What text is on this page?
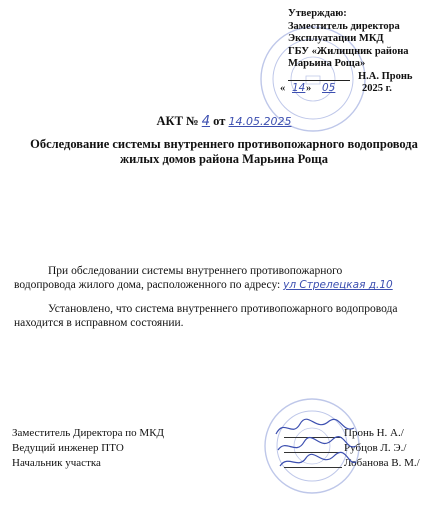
Утверждаю:
Заместитель директора
Эксплуатации МКД
ГБУ «Жилищник района
Марьина Роща»
Н.А. Пронь
« 14 » 05	2025 г.
АКТ № 4 от 14.05.2025
Обследование системы внутреннего противопожарного водопровода
жилых домов района Марьина Роща
При обследовании системы внутреннего противопожарного
водопровода жилого дома, расположенного по адресу: ул Стрелецкая д.10
Установлено, что система внутреннего противопожарного водопровода
находится в исправном состоянии.
Заместитель Директора по МКД
Ведущий инженер ПТО
Начальник участка
Пронь Н. А./
Рубцов Л. Э./
Лобанова В. М./
